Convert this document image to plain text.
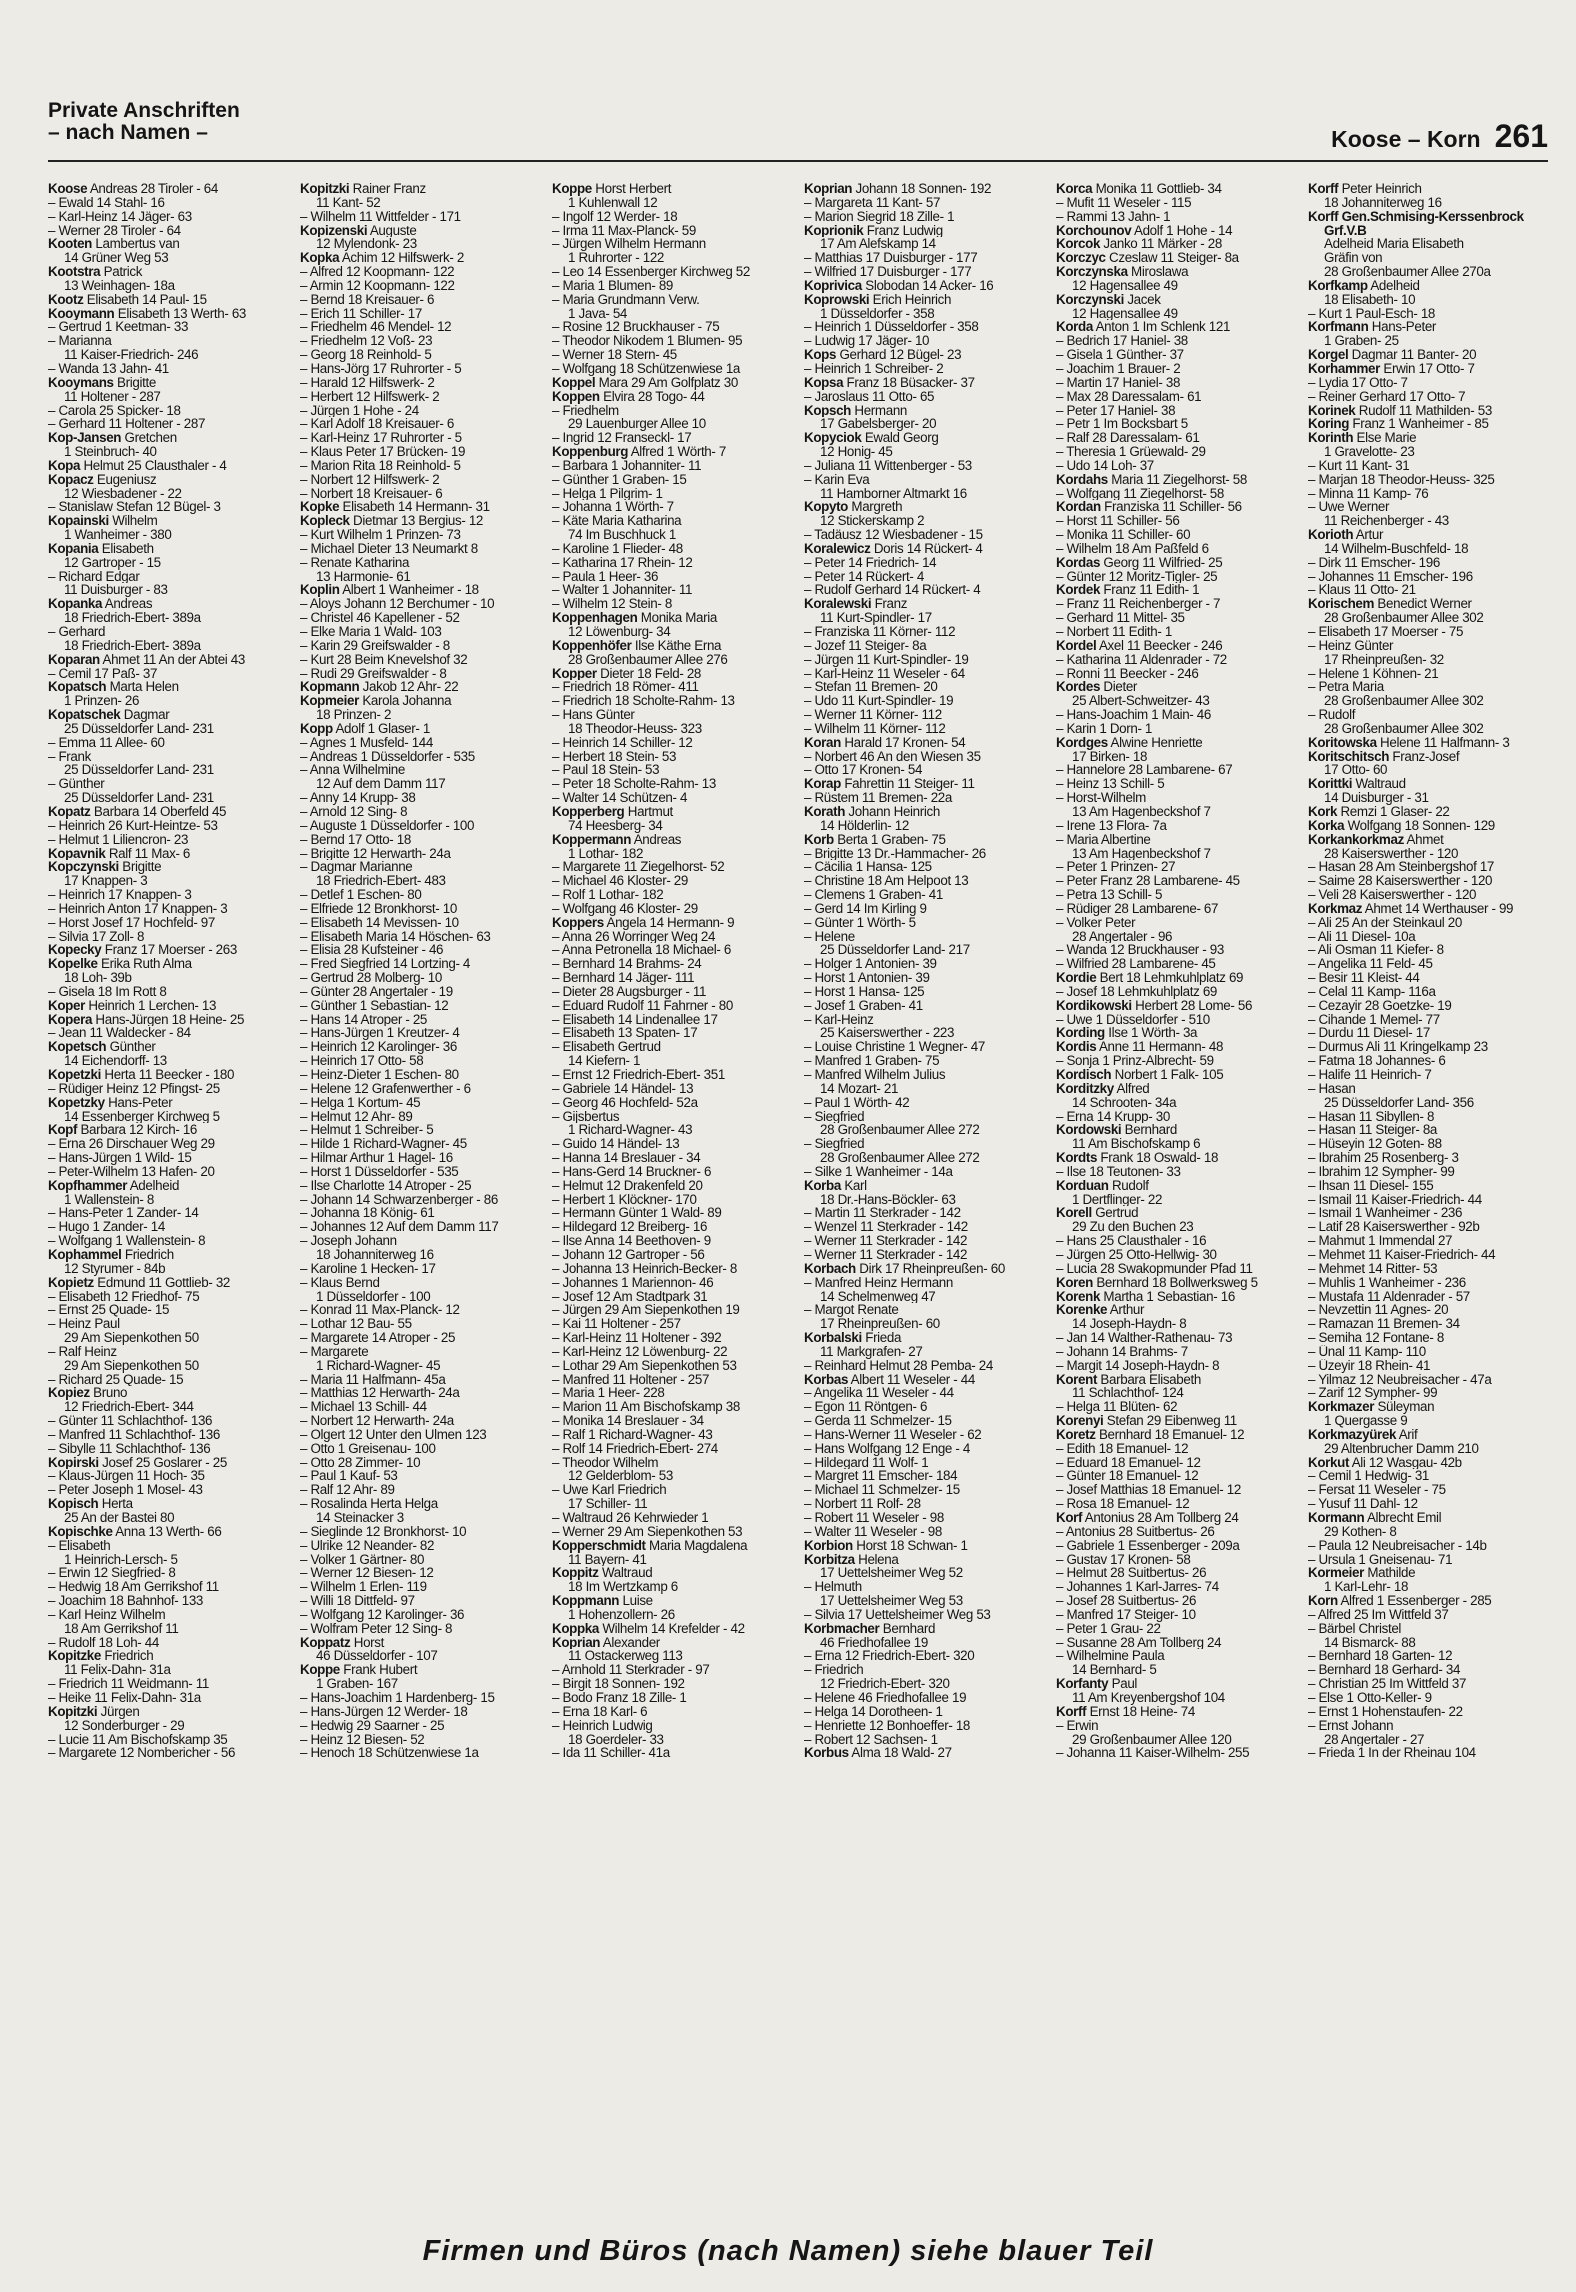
Private Anschriften
– nach Namen –	Koose – Korn 261
Koose Andreas 28 Tiroler - 64
– Ewald 14 Stahl- 16
– Karl-Heinz 14 Jäger- 63
– Werner 28 Tiroler - 64
Kooten Lambertus van
14 Grüner Weg 53
Kootstra Patrick
13 Weinhagen- 18a
Kootz Elisabeth 14 Paul- 15
Kooymann Elisabeth 13 Werth- 63
– Gertrud 1 Keetman- 33
– Marianna
11 Kaiser-Friedrich- 246
– Wanda 13 Jahn- 41
Kooymans Brigitte
11 Holtener - 287
– Carola 25 Spicker- 18
– Gerhard 11 Holtener - 287
Kop-Jansen Gretchen
1 Steinbruch- 40
Kopa Helmut 25 Clausthaler - 4
Kopacz Eugeniusz
12 Wiesbadener - 22
– Stanislaw Stefan 12 Bügel- 3
Kopainski Wilhelm
1 Wanheimer - 380
Kopania Elisabeth
12 Gartroper - 15
– Richard Edgar
11 Duisburger - 83
Kopanka Andreas
18 Friedrich-Ebert- 389a
– Gerhard
18 Friedrich-Ebert- 389a
Koparan Ahmet 11 An der Abtei 43
– Cemil 17 Paß- 37
Kopatsch Marta Helen
1 Prinzen- 26
Kopatschek Dagmar
25 Düsseldorfer Land- 231
– Emma 11 Allee- 60
– Frank
25 Düsseldorfer Land- 231
– Günther
25 Düsseldorfer Land- 231
Kopatz Barbara 14 Oberfeld 45
– Heinrich 26 Kurt-Heintze- 53
– Helmut 1 Liliencron- 23
Kopavnik Ralf 11 Max- 6
Kopczynski Brigitte
17 Knappen- 3
– Heinrich 17 Knappen- 3
– Heinrich Anton 17 Knappen- 3
– Horst Josef 17 Hochfeld- 97
– Silvia 17 Zoll- 8
Kopecky Franz 17 Moerser - 263
Kopelke Erika Ruth Alma
18 Loh- 39b
– Gisela 18 Im Rott 8
Koper Heinrich 1 Lerchen- 13
Kopera Hans-Jürgen 18 Heine- 25
– Jean 11 Waldecker - 84
Kopetsch Günther
14 Eichendorff- 13
Kopetzki Herta 11 Beecker - 180
– Rüdiger Heinz 12 Pfingst- 25
Kopetzky Hans-Peter
14 Essenberger Kirchweg 5
Kopf Barbara 12 Kirch- 16
– Erna 26 Dirschauer Weg 29
– Hans-Jürgen 1 Wild- 15
– Peter-Wilhelm 13 Hafen- 20
Kopfhammer Adelheid
1 Wallenstein- 8
– Hans-Peter 1 Zander- 14
– Hugo 1 Zander- 14
– Wolfgang 1 Wallenstein- 8
Kophammel Friedrich
12 Styrumer - 84b
Kopietz Edmund 11 Gottlieb- 32
– Elisabeth 12 Friedhof- 75
– Ernst 25 Quade- 15
– Heinz Paul
29 Am Siepenkothen 50
– Ralf Heinz
29 Am Siepenkothen 50
– Richard 25 Quade- 15
Kopiez Bruno
12 Friedrich-Ebert- 344
– Günter 11 Schlachthof- 136
– Manfred 11 Schlachthof- 136
– Sibylle 11 Schlachthof- 136
Kopirski Josef 25 Goslarer - 25
– Klaus-Jürgen 11 Hoch- 35
– Peter Joseph 1 Mosel- 43
Kopisch Herta
25 An der Bastei 80
Kopischke Anna 13 Werth- 66
– Elisabeth
1 Heinrich-Lersch- 5
– Erwin 12 Siegfried- 8
– Hedwig 18 Am Gerrikshof 11
– Joachim 18 Bahnhof- 133
– Karl Heinz Wilhelm
18 Am Gerrikshof 11
– Rudolf 18 Loh- 44
Kopitzke Friedrich
11 Felix-Dahn- 31a
– Friedrich 11 Weidmann- 11
– Heike 11 Felix-Dahn- 31a
Kopitzki Jürgen
12 Sonderburger - 29
– Lucie 11 Am Bischofskamp 35
– Margarete 12 Nombericher - 56
Kopitzki Rainer Franz
11 Kant- 52
– Wilhelm 11 Wittfelder - 171
Kopizenski Auguste
12 Mylendonk- 23
Kopka Achim 12 Hilfswerk- 2
– Alfred 12 Koopmann- 122
– Armin 12 Koopmann- 122
– Bernd 18 Kreisauer- 6
– Erich 11 Schiller- 17
– Friedhelm 46 Mendel- 12
– Friedhelm 12 Voß- 23
– Georg 18 Reinhold- 5
– Hans-Jörg 17 Ruhrorter - 5
– Harald 12 Hilfswerk- 2
– Herbert 12 Hilfswerk- 2
– Jürgen 1 Hohe - 24
– Karl Adolf 18 Kreisauer- 6
– Karl-Heinz 17 Ruhrorter - 5
– Klaus Peter 17 Brücken- 19
– Marion Rita 18 Reinhold- 5
– Norbert 12 Hilfswerk- 2
– Norbert 18 Kreisauer- 6
Kopke Elisabeth 14 Hermann- 31
Kopleck Dietmar 13 Bergius- 12
– Kurt Wilhelm 1 Prinzen- 73
– Michael Dieter 13 Neumarkt 8
– Renate Katharina
13 Harmonie- 61
Koplin Albert 1 Wanheimer - 18
– Aloys Johann 12 Berchumer - 10
– Christel 46 Kapellener - 52
– Elke Maria 1 Wald- 103
– Karin 29 Greifswalder - 8
– Kurt 28 Beim Knevelshof 32
– Rudi 29 Greifswalder - 8
Kopmann Jakob 12 Ahr- 22
Kopmeier Karola Johanna
18 Prinzen- 2
Kopp Adolf 1 Glaser- 1
– Agnes 1 Musfeld- 144
– Andreas 1 Düsseldorfer - 535
– Anna Wilhelmine
12 Auf dem Damm 117
– Anny 14 Krupp- 38
– Arnold 12 Sing- 8
– Auguste 1 Düsseldorfer - 100
– Bernd 17 Otto- 18
– Brigitte 12 Herwarth- 24a
– Dagmar Marianne
18 Friedrich-Ebert- 483
– Detlef 1 Eschen- 80
– Elfriede 12 Bronkhorst- 10
– Elisabeth 14 Mevissen- 10
– Elisabeth Maria 14 Höschen- 63
– Elisia 28 Kufsteiner - 46
– Fred Siegfried 14 Lortzing- 4
– Gertrud 28 Molberg- 10
– Günter 28 Angertaler - 19
– Günther 1 Sebastian- 12
– Hans 14 Atroper - 25
– Hans-Jürgen 1 Kreutzer- 4
– Heinrich 12 Karolinger- 36
– Heinrich 17 Otto- 58
– Heinz-Dieter 1 Eschen- 80
– Helene 12 Grafenwerther - 6
– Helga 1 Kortum- 45
– Helmut 12 Ahr- 89
– Helmut 1 Schreiber- 5
– Hilde 1 Richard-Wagner- 45
– Hilmar Arthur 1 Hagel- 16
– Horst 1 Düsseldorfer - 535
– Ilse Charlotte 14 Atroper - 25
– Johann 14 Schwarzenberger - 86
– Johanna 18 König- 61
– Johannes 12 Auf dem Damm 117
– Joseph Johann
18 Johanniterweg 16
– Karoline 1 Hecken- 17
– Klaus Bernd
1 Düsseldorfer - 100
– Konrad 11 Max-Planck- 12
– Lothar 12 Bau- 55
– Margarete 14 Atroper - 25
– Margarete
1 Richard-Wagner- 45
– Maria 11 Halfmann- 45a
– Matthias 12 Herwarth- 24a
– Michael 13 Schill- 44
– Norbert 12 Herwarth- 24a
– Olgert 12 Unter den Ulmen 123
– Otto 1 Greisenau- 100
– Otto 28 Zimmer- 10
– Paul 1 Kauf- 53
– Ralf 12 Ahr- 89
– Rosalinda Herta Helga
14 Steinacker 3
– Sieglinde 12 Bronkhorst- 10
– Ulrike 12 Neander- 82
– Volker 1 Gärtner- 80
– Werner 12 Biesen- 12
– Wilhelm 1 Erlen- 119
– Willi 18 Dittfeld- 97
– Wolfgang 12 Karolinger- 36
– Wolfram Peter 12 Sing- 8
Koppatz Horst
46 Düsseldorfer - 107
Koppe Frank Hubert
1 Graben- 167
– Hans-Joachim 1 Hardenberg- 15
– Hans-Jürgen 12 Werder- 18
– Hedwig 29 Saarner - 25
– Heinz 12 Biesen- 52
– Henoch 18 Schützenwiese 1a
Koppe Horst Herbert
1 Kuhlenwall 12
– Ingolf 12 Werder- 18
– Irma 11 Max-Planck- 59
– Jürgen Wilhelm Hermann
1 Ruhrorter - 122
– Leo 14 Essenberger Kirchweg 52
– Maria 1 Blumen- 89
– Maria Grundmann Verw.
1 Java- 54
– Rosine 12 Bruckhauser - 75
– Theodor Nikodem 1 Blumen- 95
– Werner 18 Stern- 45
– Wolfgang 18 Schützenwiese 1a
Koppel Mara 29 Am Golfplatz 30
Koppen Elvira 28 Togo- 44
– Friedhelm
29 Lauenburger Allee 10
– Ingrid 12 Franseckl- 17
Koppenburg Alfred 1 Wörth- 7
– Barbara 1 Johanniter- 11
– Günther 1 Graben- 15
– Helga 1 Pilgrim- 1
– Johanna 1 Wörth- 7
– Käte Maria Katharina
74 Im Buschhuck 1
– Karoline 1 Flieder- 48
– Katharina 17 Rhein- 12
– Paula 1 Heer- 36
– Walter 1 Johanniter- 11
– Wilhelm 12 Stein- 8
Koppenhagen Monika Maria
12 Löwenburg- 34
Koppenhöfer Ilse Käthe Erna
28 Großenbaumer Allee 276
Kopper Dieter 18 Feld- 28
– Friedrich 18 Römer- 411
– Friedrich 18 Scholte-Rahm- 13
– Hans Günter
18 Theodor-Heuss- 323
– Heinrich 14 Schiller- 12
– Herbert 18 Stein- 53
– Paul 18 Stein- 53
– Peter 18 Scholte-Rahm- 13
– Walter 14 Schützen- 4
Kopperberg Hartmut
74 Heesberg- 34
Koppermann Andreas
1 Lothar- 182
– Margarete 11 Ziegelhorst- 52
– Michael 46 Kloster- 29
– Rolf 1 Lothar- 182
– Wolfgang 46 Kloster- 29
Koppers Angela 14 Hermann- 9
– Anna 26 Worringer Weg 24
– Anna Petronella 18 Michael- 6
– Bernhard 14 Brahms- 24
– Bernhard 14 Jäger- 111
– Dieter 28 Augsburger - 11
– Eduard Rudolf 11 Fahrner - 80
– Elisabeth 14 Lindenallee 17
– Elisabeth 13 Spaten- 17
– Elisabeth Gertrud
14 Kiefern- 1
– Ernst 12 Friedrich-Ebert- 351
– Gabriele 14 Händel- 13
– Georg 46 Hochfeld- 52a
– Gijsbertus
1 Richard-Wagner- 43
– Guido 14 Händel- 13
– Hanna 14 Breslauer - 34
– Hans-Gerd 14 Bruckner- 6
– Helmut 12 Drakenfeld 20
– Herbert 1 Klöckner- 170
– Hermann Günter 1 Wald- 89
– Hildegard 12 Breiberg- 16
– Ilse Anna 14 Beethoven- 9
– Johann 12 Gartroper - 56
– Johanna 13 Heinrich-Becker- 8
– Johannes 1 Mariennon- 46
– Josef 12 Am Stadtpark 31
– Jürgen 29 Am Siepenkothen 19
– Kai 11 Holtener - 257
– Karl-Heinz 11 Holtener - 392
– Karl-Heinz 12 Löwenburg- 22
– Lothar 29 Am Siepenkothen 53
– Manfred 11 Holtener - 257
– Maria 1 Heer- 228
– Marion 11 Am Bischofskamp 38
– Monika 14 Breslauer - 34
– Ralf 1 Richard-Wagner- 43
– Rolf 14 Friedrich-Ebert- 274
– Theodor Wilhelm
12 Gelderblom- 53
– Uwe Karl Friedrich
17 Schiller- 11
– Waltraud 26 Kehrwieder 1
– Werner 29 Am Siepenkothen 53
Kopperschmidt Maria Magdalena
11 Bayern- 41
Koppitz Waltraud
18 Im Wertzkamp 6
Koppmann Luise
1 Hohenzollern- 26
Koppka Wilhelm 14 Krefelder - 42
Koprian Alexander
11 Ostackerweg 113
– Arnhold 11 Sterkrader - 97
– Birgit 18 Sonnen- 192
– Bodo Franz 18 Zille- 1
– Erna 18 Karl- 6
– Heinrich Ludwig
18 Goerdeler- 33
– Ida 11 Schiller- 41a
Koprian Johann 18 Sonnen- 192
– Margareta 11 Kant- 57
– Marion Siegrid 18 Zille- 1
Koprionik Franz Ludwig
17 Am Alefskamp 14
– Matthias 17 Duisburger - 177
– Wilfried 17 Duisburger - 177
Koprivica Slobodan 14 Acker- 16
Koprowski Erich Heinrich
1 Düsseldorfer - 358
– Heinrich 1 Düsseldorfer - 358
– Ludwig 17 Jäger- 10
Kops Gerhard 12 Bügel- 23
– Heinrich 1 Schreiber- 2
Kopsa Franz 18 Büsacker- 37
– Jaroslaus 11 Otto- 65
Kopsch Hermann
17 Gabelsberger- 20
Kopyciok Ewald Georg
12 Honig- 45
– Juliana 11 Wittenberger - 53
– Karin Eva
11 Hamborner Altmarkt 16
Kopyto Margreth
12 Stickerskamp 2
– Tadäusz 12 Wiesbadener - 15
Koralewicz Doris 14 Rückert- 4
– Peter 14 Friedrich- 14
– Peter 14 Rückert- 4
– Rudolf Gerhard 14 Rückert- 4
Koralewski Franz
11 Kurt-Spindler- 17
– Franziska 11 Körner- 112
– Jozef 11 Steiger- 8a
– Jürgen 11 Kurt-Spindler- 19
– Karl-Heinz 11 Weseler - 64
– Stefan 11 Bremen- 20
– Udo 11 Kurt-Spindler- 19
– Werner 11 Körner- 112
– Wilhelm 11 Körner- 112
Koran Harald 17 Kronen- 54
– Norbert 46 An den Wiesen 35
– Otto 17 Kronen- 54
Korap Fahrettin 11 Steiger- 11
– Rüstem 11 Bremen- 22a
Korath Johann Heinrich
14 Hölderlin- 12
Korb Berta 1 Graben- 75
– Brigitte 13 Dr.-Hammacher- 26
– Cäcilia 1 Hansa- 125
– Christine 18 Am Helpoot 13
– Clemens 1 Graben- 41
– Gerd 14 Im Kirling 9
– Günter 1 Wörth- 5
– Helene
25 Düsseldorfer Land- 217
– Holger 1 Antonien- 39
– Horst 1 Antonien- 39
– Horst 1 Hansa- 125
– Josef 1 Graben- 41
– Karl-Heinz
25 Kaiserswerther - 223
– Louise Christine 1 Wegner- 47
– Manfred 1 Graben- 75
– Manfred Wilhelm Julius
14 Mozart- 21
– Paul 1 Wörth- 42
– Siegfried
28 Großenbaumer Allee 272
– Siegfried
28 Großenbaumer Allee 272
– Silke 1 Wanheimer - 14a
Korba Karl
18 Dr.-Hans-Böckler- 63
– Martin 11 Sterkrader - 142
– Wenzel 11 Sterkrader - 142
– Werner 11 Sterkrader - 142
– Werner 11 Sterkrader - 142
Korbach Dirk 17 Rheinpreußen- 60
– Manfred Heinz Hermann
14 Schelmenweg 47
– Margot Renate
17 Rheinpreußen- 60
Korbalski Frieda
11 Markgrafen- 27
– Reinhard Helmut 28 Pemba- 24
Korbas Albert 11 Weseler - 44
– Angelika 11 Weseler - 44
– Egon 11 Röntgen- 6
– Gerda 11 Schmelzer- 15
– Hans-Werner 11 Weseler - 62
– Hans Wolfgang 12 Enge - 4
– Hildegard 11 Wolf- 1
– Margret 11 Emscher- 184
– Michael 11 Schmelzer- 15
– Norbert 11 Rolf- 28
– Robert 11 Weseler - 98
– Walter 11 Weseler - 98
Korbion Horst 18 Schwan- 1
Korbitza Helena
17 Uettelsheimer Weg 52
– Helmuth
17 Uettelsheimer Weg 53
– Silvia 17 Uettelsheimer Weg 53
Korbmacher Bernhard
46 Friedhofallee 19
– Erna 12 Friedrich-Ebert- 320
– Friedrich
12 Friedrich-Ebert- 320
– Helene 46 Friedhofallee 19
– Helga 14 Dorotheen- 1
– Henriette 12 Bonhoeffer- 18
– Robert 12 Sachsen- 1
Korbus Alma 18 Wald- 27
Korca Monika 11 Gottlieb- 34
– Mufit 11 Weseler - 115
– Rammi 13 Jahn- 1
Korchounov Adolf 1 Hohe - 14
Korcok Janko 11 Märker - 28
Korczyc Czeslaw 11 Steiger- 8a
Korczynska Miroslawa
12 Hagensallee 49
Korczynski Jacek
12 Hagensallee 49
Korda Anton 1 Im Schlenk 121
– Bedrich 17 Haniel- 38
– Gisela 1 Günther- 37
– Joachim 1 Brauer- 2
– Martin 17 Haniel- 38
– Max 28 Daressalam- 61
– Peter 17 Haniel- 38
– Petr 1 Im Bocksbart 5
– Ralf 28 Daressalam- 61
– Theresia 1 Grüewald- 29
– Udo 14 Loh- 37
Kordahs Maria 11 Ziegelhorst- 58
– Wolfgang 11 Ziegelhorst- 58
Kordan Franziska 11 Schiller- 56
– Horst 11 Schiller- 56
– Monika 11 Schiller- 60
– Wilhelm 18 Am Paßfeld 6
Kordas Georg 11 Wilfried- 25
– Günter 12 Moritz-Tigler- 25
Kordek Franz 11 Edith- 1
– Franz 11 Reichenberger - 7
– Gerhard 11 Mittel- 35
– Norbert 11 Edith- 1
Kordel Axel 11 Beecker - 246
– Katharina 11 Aldenrader - 72
– Ronni 11 Beecker - 246
Kordes Dieter
25 Albert-Schweitzer- 43
– Hans-Joachim 1 Main- 46
– Karin 1 Dorn- 1
Kordges Alwine Henriette
17 Birken- 18
– Hannelore 28 Lambarene- 67
– Heinz 13 Schill- 5
– Horst-Wilhelm
13 Am Hagenbeckshof 7
– Irene 13 Flora- 7a
– Maria Albertine
13 Am Hagenbeckshof 7
– Peter 1 Prinzen- 27
– Peter Franz 28 Lambarene- 45
– Petra 13 Schill- 5
– Rüdiger 28 Lambarene- 67
– Volker Peter
28 Angertaler - 96
– Wanda 12 Bruckhauser - 93
– Wilfried 28 Lambarene- 45
Kordie Bert 18 Lehmkuhlplatz 69
– Josef 18 Lehmkuhlplatz 69
Kordikowski Herbert 28 Lome- 56
– Uwe 1 Düsseldorfer - 510
Kording Ilse 1 Wörth- 3a
Kordis Anne 11 Hermann- 48
– Sonja 1 Prinz-Albrecht- 59
Kordisch Norbert 1 Falk- 105
Korditzky Alfred
14 Schrooten- 34a
– Erna 14 Krupp- 30
Kordowski Bernhard
11 Am Bischofskamp 6
Kordts Frank 18 Oswald- 18
– Ilse 18 Teutonen- 33
Korduan Rudolf
1 Dertflinger- 22
Korell Gertrud
29 Zu den Buchen 23
– Hans 25 Clausthaler - 16
– Jürgen 25 Otto-Hellwig- 30
– Lucia 28 Swakopmunder Pfad 11
Koren Bernhard 18 Bollwerksweg 5
Korenk Martha 1 Sebastian- 16
Korenke Arthur
14 Joseph-Haydn- 8
– Jan 14 Walther-Rathenau- 73
– Johann 14 Brahms- 7
– Margit 14 Joseph-Haydn- 8
Korent Barbara Elisabeth
11 Schlachthof- 124
– Helga 11 Blüten- 62
Korenyi Stefan 29 Eibenweg 11
Koretz Bernhard 18 Emanuel- 12
– Edith 18 Emanuel- 12
– Eduard 18 Emanuel- 12
– Günter 18 Emanuel- 12
– Josef Matthias 18 Emanuel- 12
– Rosa 18 Emanuel- 12
Korf Antonius 28 Am Tollberg 24
– Antonius 28 Suitbertus- 26
– Gabriele 1 Essenberger - 209a
– Gustav 17 Kronen- 58
– Helmut 28 Suitbertus- 26
– Johannes 1 Karl-Jarres- 74
– Josef 28 Suitbertus- 26
– Manfred 17 Steiger- 10
– Peter 1 Grau- 22
– Susanne 28 Am Tollberg 24
– Wilhelmine Paula
14 Bernhard- 5
Korfanty Paul
11 Am Kreyenbergshof 104
Korff Ernst 18 Heine- 74
– Erwin
29 Großenbaumer Allee 120
– Johanna 11 Kaiser-Wilhelm- 255
Korff Peter Heinrich
18 Johanniterweg 16
Korff Gen.Schmising-Kerssenbrock
Grf.V.B
Adelheid Maria Elisabeth
Gräfin von
28 Großenbaumer Allee 270a
Korfkamp Adelheid
18 Elisabeth- 10
– Kurt 1 Paul-Esch- 18
Korfmann Hans-Peter
1 Graben- 25
Korgel Dagmar 11 Banter- 20
Korhammer Erwin 17 Otto- 7
– Lydia 17 Otto- 7
– Reiner Gerhard 17 Otto- 7
Korinek Rudolf 11 Mathilden- 53
Koring Franz 1 Wanheimer - 85
Korinth Else Marie
1 Gravelotte- 23
– Kurt 11 Kant- 31
– Marjan 18 Theodor-Heuss- 325
– Minna 11 Kamp- 76
– Uwe Werner
11 Reichenberger - 43
Korioth Artur
14 Wilhelm-Buschfeld- 18
– Dirk 11 Emscher- 196
– Johannes 11 Emscher- 196
– Klaus 11 Otto- 21
Korischem Benedict Werner
28 Großenbaumer Allee 302
– Elisabeth 17 Moerser - 75
– Heinz Günter
17 Rheinpreußen- 32
– Helene 1 Köhnen- 21
– Petra Maria
28 Großenbaumer Allee 302
– Rudolf
28 Großenbaumer Allee 302
Koritowska Helene 11 Halfmann- 3
Koritschitsch Franz-Josef
17 Otto- 60
Korittki Waltraud
14 Duisburger - 31
Kork Remzi 1 Glaser- 22
Korka Wolfgang 18 Sonnen- 129
Korkankorkmaz Ahmet
28 Kaiserswerther - 120
– Hasan 28 Am Steinbergshof 17
– Saime 28 Kaiserswerther - 120
– Veli 28 Kaiserswerther - 120
Korkmaz Ahmet 14 Werthauser - 99
– Ali 25 An der Steinkaul 20
– Ali 11 Diesel- 10a
– Ali Osman 11 Kiefer- 8
– Angelika 11 Feld- 45
– Besir 11 Kleist- 44
– Celal 11 Kamp- 116a
– Cezayir 28 Goetzke- 19
– Cihande 1 Memel- 77
– Durdu 11 Diesel- 17
– Durmus Ali 11 Kringelkamp 23
– Fatma 18 Johannes- 6
– Halife 11 Heinrich- 7
– Hasan
25 Düsseldorfer Land- 356
– Hasan 11 Sibyllen- 8
– Hasan 11 Steiger- 8a
– Hüseyin 12 Goten- 88
– Ibrahim 25 Rosenberg- 3
– Ibrahim 12 Sympher- 99
– Ihsan 11 Diesel- 155
– Ismail 11 Kaiser-Friedrich- 44
– Ismail 1 Wanheimer - 236
– Latif 28 Kaiserswerther - 92b
– Mahmut 1 Immendal 27
– Mehmet 11 Kaiser-Friedrich- 44
– Mehmet 14 Ritter- 53
– Muhlis 1 Wanheimer - 236
– Mustafa 11 Aldenrader - 57
– Nevzettin 11 Agnes- 20
– Ramazan 11 Bremen- 34
– Semiha 12 Fontane- 8
– Ünal 11 Kamp- 110
– Üzeyir 18 Rhein- 41
– Yilmaz 12 Neubreisacher - 47a
– Zarif 12 Sympher- 99
Korkmazer Süleyman
1 Quergasse 9
Korkmazyürek Arif
29 Altenbrucher Damm 210
Korkut Ali 12 Wasgau- 42b
– Cemil 1 Hedwig- 31
– Fersat 11 Weseler - 75
– Yusuf 11 Dahl- 12
Kormann Albrecht Emil
29 Kothen- 8
– Paula 12 Neubreisacher - 14b
– Ursula 1 Gneisenau- 71
Kormeier Mathilde
1 Karl-Lehr- 18
Korn Alfred 1 Essenberger - 285
– Alfred 25 Im Wittfeld 37
– Bärbel Christel
14 Bismarck- 88
– Bernhard 18 Garten- 12
– Bernhard 18 Gerhard- 34
– Christian 25 Im Wittfeld 37
– Else 1 Otto-Keller- 9
– Ernst 1 Hohenstaufen- 22
– Ernst Johann
28 Angertaler - 27
– Frieda 1 In der Rheinau 104
Firmen und Büros (nach Namen) siehe blauer Teil
